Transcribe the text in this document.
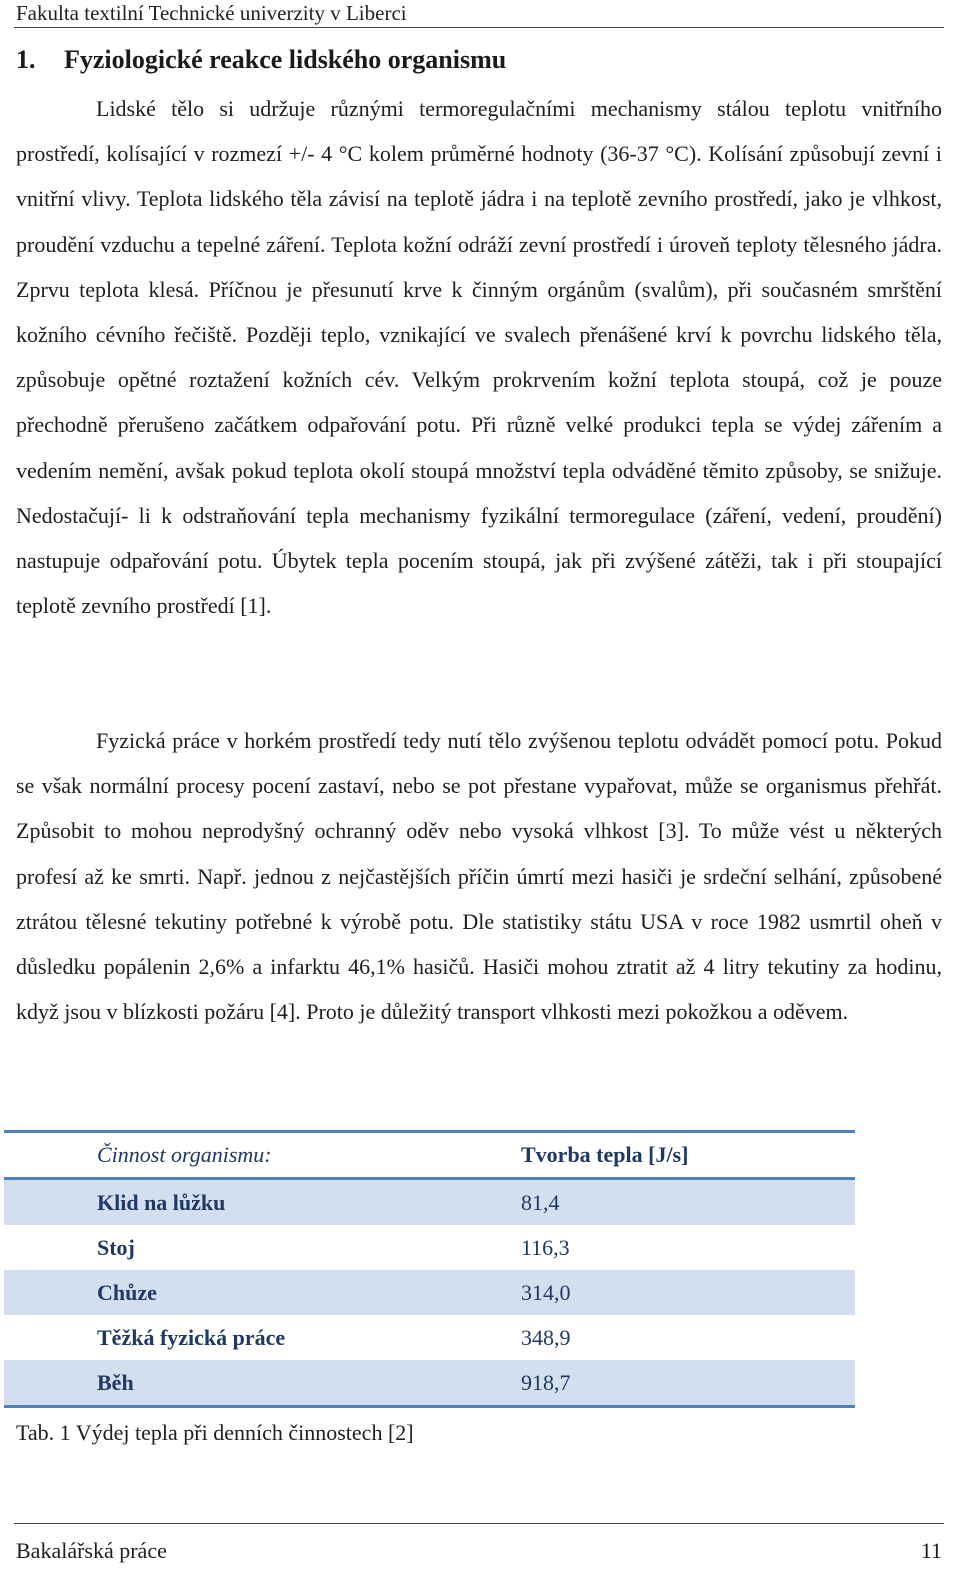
Fakulta textilní Technické univerzity v Liberci
1. Fyziologické reakce lidského organismu

Lidské tělo si udržuje různými termoregulačními mechanismy stálou teplotu vnitřního prostředí, kolísající v rozmezí +/- 4 °C kolem průměrné hodnoty (36-37 °C). Kolísání způsobují zevní i vnitřní vlivy. Teplota lidského těla závisí na teplotě jádra i na teplotě zevního prostředí, jako je vlhkost, proudění vzduchu a tepelné záření. Teplota kožní odráží zevní prostředí i úroveň teploty tělesného jádra. Zprvu teplota klesá. Příčnou je přesunutí krve k činným orgánům (svalům), při současném smrštění kožního cévního řečiště. Později teplo, vznikající ve svalech přenášené krví k povrchu lidského těla, způsobuje opětné roztažení kožních cév. Velkým prokrvením kožní teplota stoupá, což je pouze přechodně přerušeno začátkem odpařování potu. Při různě velké produkci tepla se výdej zářením a vedením nemění, avšak pokud teplota okolí stoupá množství tepla odváděné těmito způsoby, se snižuje. Nedostačují- li k odstraňování tepla mechanismy fyzikální termoregulace (záření, vedení, proudění) nastupuje odpařování potu. Úbytek tepla pocením stoupá, jak při zvýšené zátěži, tak i při stoupající teplotě zevního prostředí [1].

Fyzická práce v horkém prostředí tedy nutí tělo zvýšenou teplotu odvádět pomocí potu. Pokud se však normální procesy pocení zastaví, nebo se pot přestane vypařovat, může se organismus přehřát. Způsobit to mohou neprodyšný ochranný oděv nebo vysoká vlhkost [3]. To může vést u některých profesí až ke smrti. Např. jednou z nejčastějších příčin úmrtí mezi hasiči je srdeční selhání, způsobené ztrátou tělesné tekutiny potřebné k výrobě potu. Dle statistiky státu USA v roce 1982 usmrtil oheň v důsledku popálenin 2,6% a infarktu 46,1% hasičů. Hasiči mohou ztratit až 4 litry tekutiny za hodinu, když jsou v blízkosti požáru [4]. Proto je důležitý transport vlhkosti mezi pokožkou a oděvem.

Činnost organismu:	Tvorba tepla [J/s]
Klid na lůžku	81,4
Stoj	116,3
Chůze	314,0
Těžká fyzická práce	348,9
Běh	918,7
Tab. 1 Výdej tepla při denních činnostech [2]
Bakalářská práce	11
